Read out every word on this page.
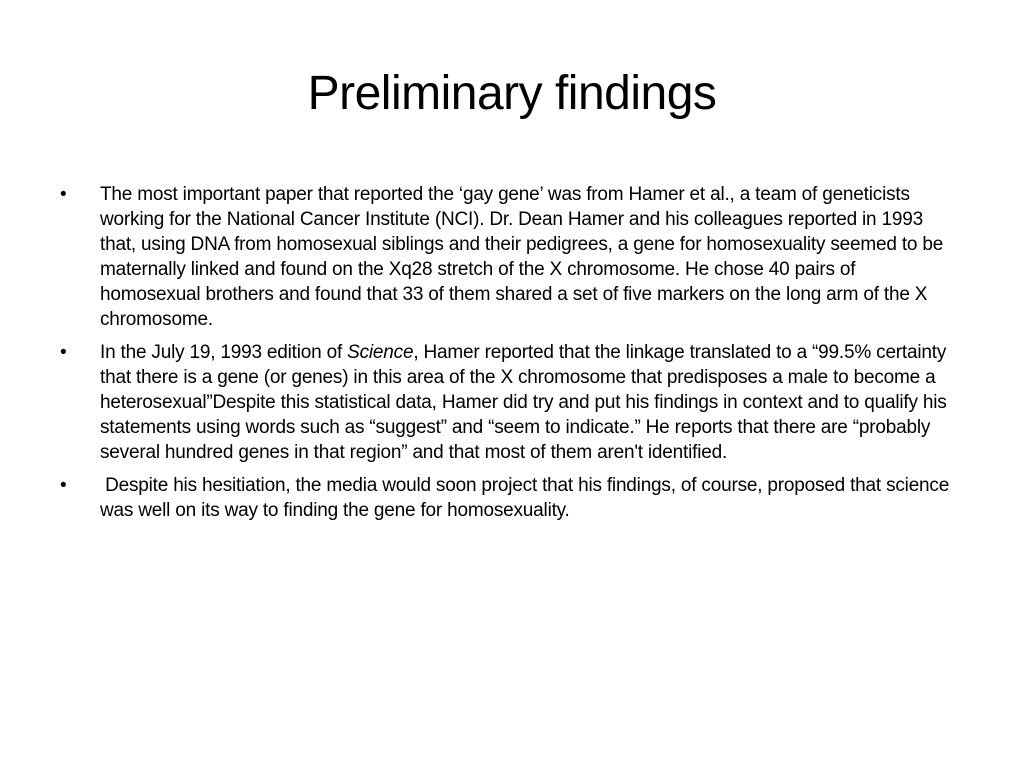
Preliminary findings
•	The most important paper that reported the ‘gay gene’ was from Hamer et al., a team of geneticists working for the National Cancer Institute (NCI). Dr. Dean Hamer and his colleagues reported in 1993 that, using DNA from homosexual siblings and their pedigrees, a gene for homosexuality seemed to be maternally linked and found on the Xq28 stretch of the X chromosome. He chose 40 pairs of homosexual brothers and found that 33 of them shared a set of five markers on the long arm of the X chromosome.
•	In the July 19, 1993 edition of Science, Hamer reported that the linkage translated to a “99.5% certainty that there is a gene (or genes) in this area of the X chromosome that predisposes a male to become a heterosexual”Despite this statistical data, Hamer did try and put his findings in context and to qualify his statements using words such as “suggest” and “seem to indicate.” He reports that there are “probably several hundred genes in that region” and that most of them aren't identified.
•	Despite his hesitiation, the media would soon project that his findings, of course, proposed that science was well on its way to finding the gene for homosexuality.
